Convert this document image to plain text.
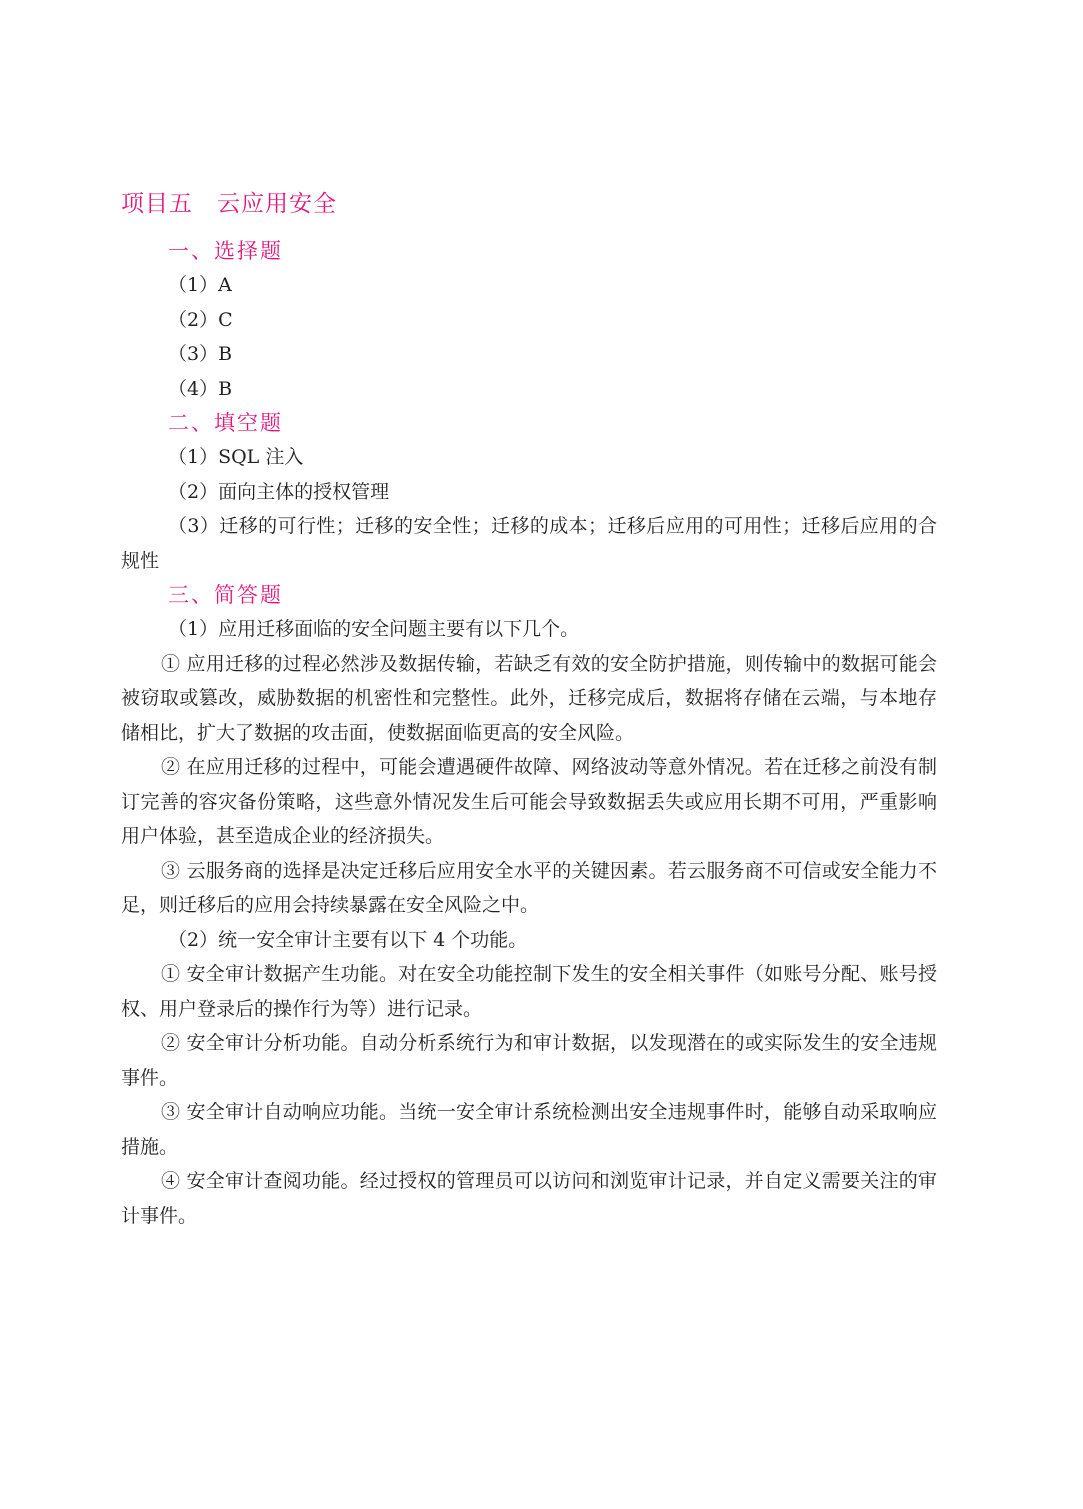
项目五　云应用安全
一、选择题

（1）A

（2）C

（3）B

（4）B

二、填空题

（1）SQL 注入

（2）面向主体的授权管理

（3）迁移的可行性；迁移的安全性；迁移的成本；迁移后应用的可用性；迁移后应用的合规性

三、简答题

（1）应用迁移面临的安全问题主要有以下几个。

① 应用迁移的过程必然涉及数据传输，若缺乏有效的安全防护措施，则传输中的数据可能会被窃取或篡改，威胁数据的机密性和完整性。此外，迁移完成后，数据将存储在云端，与本地存储相比，扩大了数据的攻击面，使数据面临更高的安全风险。

② 在应用迁移的过程中，可能会遭遇硬件故障、网络波动等意外情况。若在迁移之前没有制订完善的容灾备份策略，这些意外情况发生后可能会导致数据丢失或应用长期不可用，严重影响用户体验，甚至造成企业的经济损失。

③ 云服务商的选择是决定迁移后应用安全水平的关键因素。若云服务商不可信或安全能力不足，则迁移后的应用会持续暴露在安全风险之中。

（2）统一安全审计主要有以下 4 个功能。

① 安全审计数据产生功能。对在安全功能控制下发生的安全相关事件（如账号分配、账号授权、用户登录后的操作行为等）进行记录。

② 安全审计分析功能。自动分析系统行为和审计数据，以发现潜在的或实际发生的安全违规事件。

③ 安全审计自动响应功能。当统一安全审计系统检测出安全违规事件时，能够自动采取响应措施。

④ 安全审计查阅功能。经过授权的管理员可以访问和浏览审计记录，并自定义需要关注的审计事件。
